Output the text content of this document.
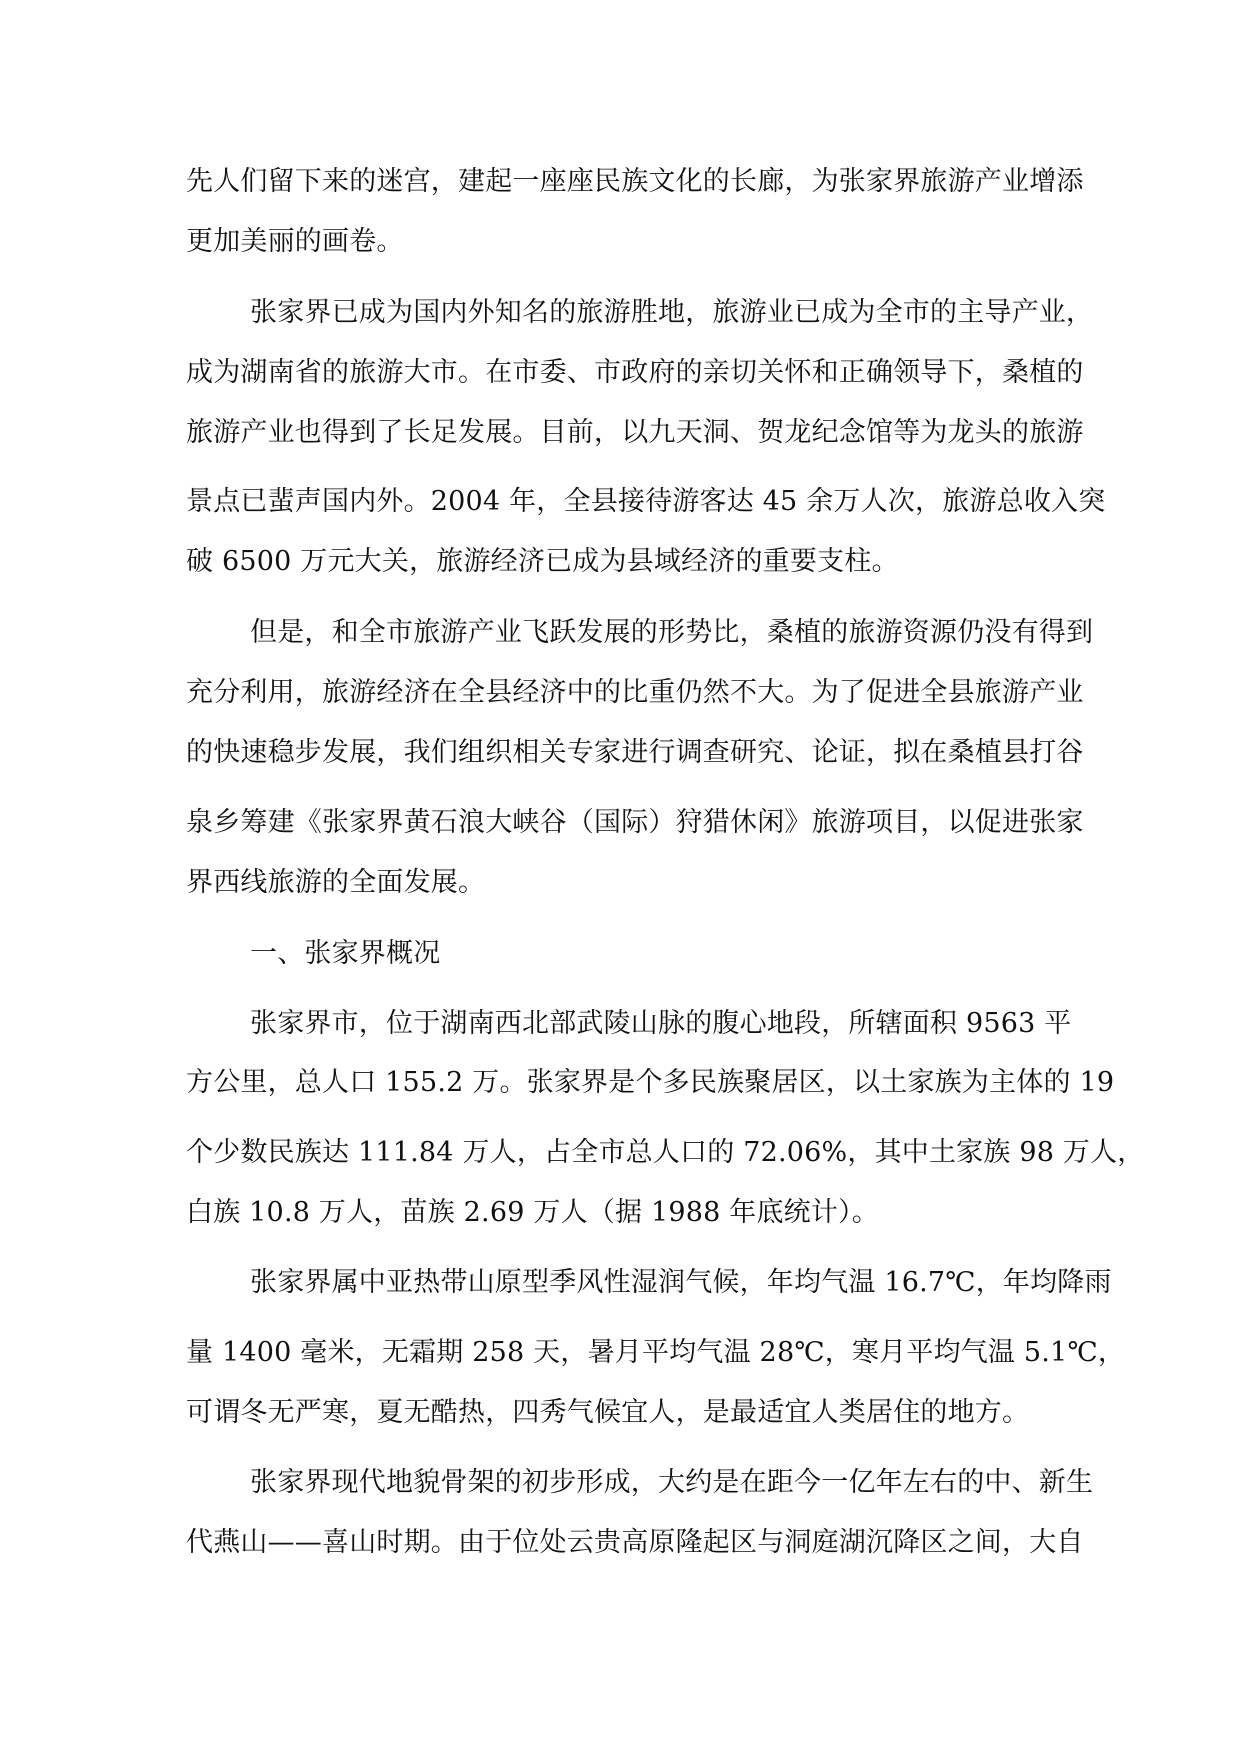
先人们留下来的迷宫，建起一座座民族文化的长廊，为张家界旅游产业增添
更加美丽的画卷。
张家界已成为国内外知名的旅游胜地，旅游业已成为全市的主导产业，
成为湖南省的旅游大市。在市委、市政府的亲切关怀和正确领导下，桑植的
旅游产业也得到了长足发展。目前，以九天洞、贺龙纪念馆等为龙头的旅游
景点已蜚声国内外。2004 年，全县接待游客达 45 余万人次，旅游总收入突
破 6500 万元大关，旅游经济已成为县域经济的重要支柱。
但是，和全市旅游产业飞跃发展的形势比，桑植的旅游资源仍没有得到
充分利用，旅游经济在全县经济中的比重仍然不大。为了促进全县旅游产业
的快速稳步发展，我们组织相关专家进行调查研究、论证，拟在桑植县打谷
泉乡筹建《张家界黄石浪大峡谷（国际）狩猎休闲》旅游项目，以促进张家
界西线旅游的全面发展。
一、张家界概况
张家界市，位于湖南西北部武陵山脉的腹心地段，所辖面积 9563 平
方公里，总人口 155.2 万。张家界是个多民族聚居区，以土家族为主体的 19
个少数民族达 111.84 万人，占全市总人口的 72.06%，其中土家族 98 万人，
白族 10.8 万人，苗族 2.69 万人（据 1988 年底统计）。
张家界属中亚热带山原型季风性湿润气候，年均气温 16.7℃，年均降雨
量 1400 毫米，无霜期 258 天，暑月平均气温 28℃，寒月平均气温 5.1℃，
可谓冬无严寒，夏无酷热，四秀气候宜人，是最适宜人类居住的地方。
张家界现代地貌骨架的初步形成，大约是在距今一亿年左右的中、新生
代燕山——喜山时期。由于位处云贵高原隆起区与洞庭湖沉降区之间，大自
